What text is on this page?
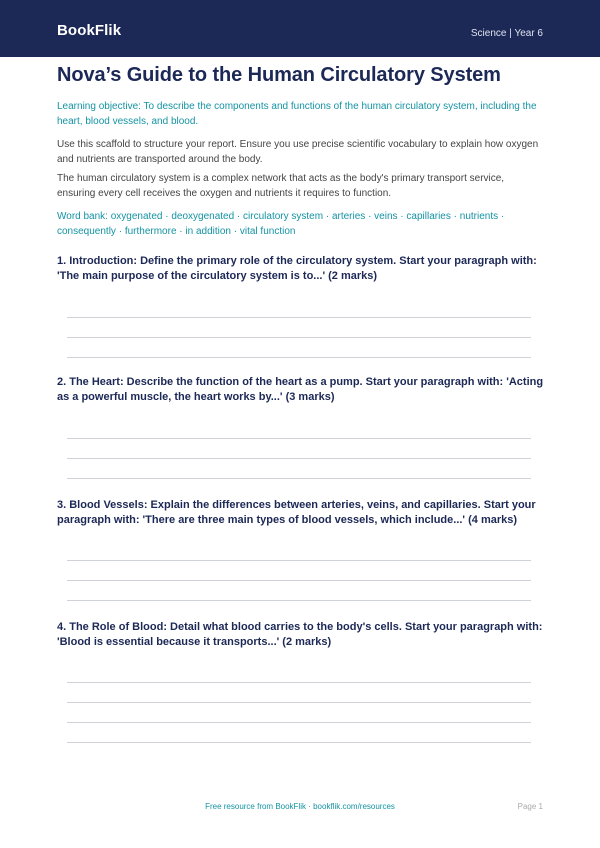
BookFlik	Science | Year 6
Nova’s Guide to the Human Circulatory System
Learning objective: To describe the components and functions of the human circulatory system, including the heart, blood vessels, and blood.
Use this scaffold to structure your report. Ensure you use precise scientific vocabulary to explain how oxygen and nutrients are transported around the body.
The human circulatory system is a complex network that acts as the body's primary transport service, ensuring every cell receives the oxygen and nutrients it requires to function.
Word bank: oxygenated · deoxygenated · circulatory system · arteries · veins · capillaries · nutrients · consequently · furthermore · in addition · vital function
1. Introduction: Define the primary role of the circulatory system. Start your paragraph with: 'The main purpose of the circulatory system is to...' (2 marks)
2. The Heart: Describe the function of the heart as a pump. Start your paragraph with: 'Acting as a powerful muscle, the heart works by...' (3 marks)
3. Blood Vessels: Explain the differences between arteries, veins, and capillaries. Start your paragraph with: 'There are three main types of blood vessels, which include...' (4 marks)
4. The Role of Blood: Detail what blood carries to the body's cells. Start your paragraph with: 'Blood is essential because it transports...' (2 marks)
Free resource from BookFlik · bookflik.com/resources	Page 1
